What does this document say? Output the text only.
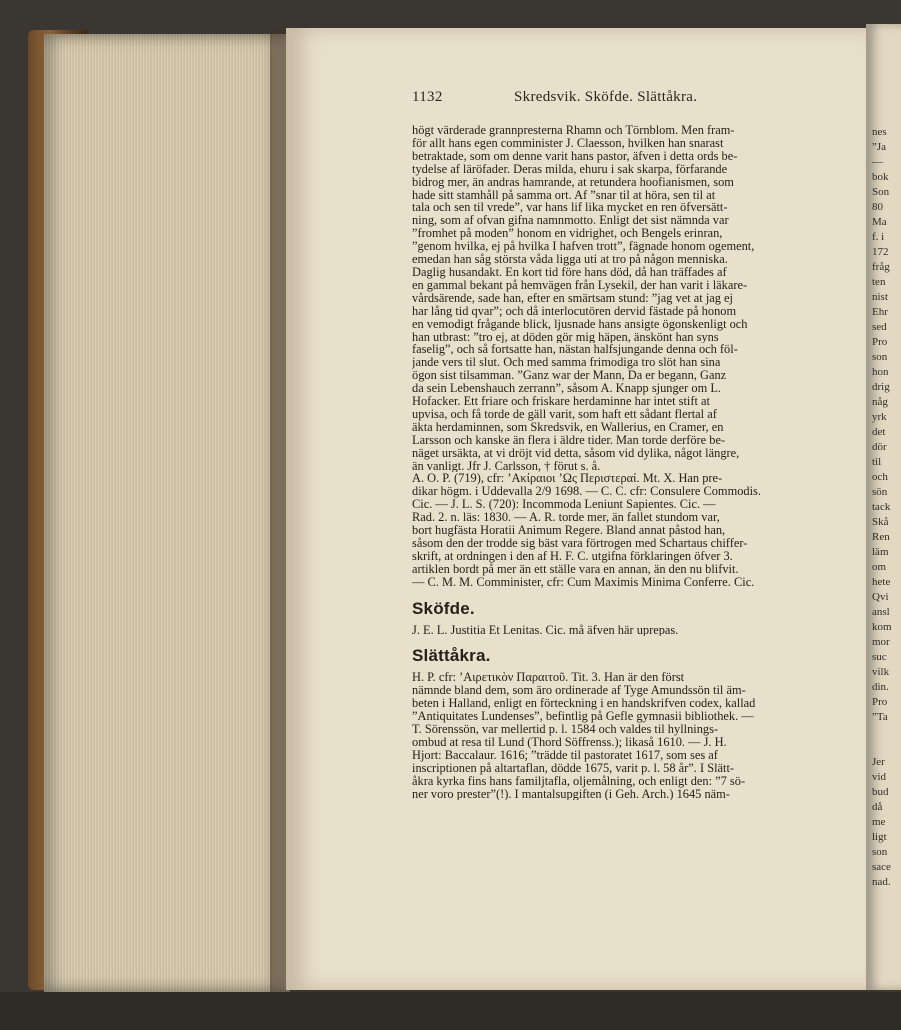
nes
”Ja
—
bok
Son
80
Ma
f. i
172
fråg
ten
nist
Ehr
sed
Pro
son
hon
drig
någ
yrk
det
dör
til
och
sön
tack
Skå
Ren
läm
om
hete
Qvi
ansl
kom
mor
suc
vilk
din.
Pro
”Ta
Jer
vid
bud
då
me
ligt
son
sace
nad.
1132	Skredsvik. Sköfde. Slättåkra.
högt värderade grannpresterna Rhamn och Törnblom. Men fram-
för allt hans egen comminister J. Claesson, hvilken han snarast
betraktade, som om denne varit hans pastor, äfven i detta ords be-
tydelse af läröfader. Deras milda, ehuru i sak skarpa, förfarande
bidrog mer, än andras hamrande, at retundera hoofianismen, som
hade sitt stamhåll på samma ort. Af ”snar til at höra, sen til at
tala och sen til vrede”, var hans lif lika mycket en ren öfversätt-
ning, som af ofvan gifna namnmotto. Enligt det sist nämnda var
”fromhet på moden” honom en vidrighet, och Bengels erinran,
”genom hvilka, ej på hvilka I hafven trott”, fägnade honom ogement,
emedan han såg största våda ligga uti at tro på någon menniska.
Daglig husandakt. En kort tid före hans död, då han träffades af
en gammal bekant på hemvägen från Lysekil, der han varit i läkare-
vårdsärende, sade han, efter en smärtsam stund: ”jag vet at jag ej
har lång tid qvar”; och då interlocutören dervid fästade på honom
en vemodigt frågande blick, ljusnade hans ansigte ögonskenligt och
han utbrast: ”tro ej, at döden gör mig häpen, änskönt han syns
faselig”, och så fortsatte han, nästan halfsjungande denna och föl-
jande vers til slut. Och med samma frimodiga tro slöt han sina
ögon sist tilsamman. ”Ganz war der Mann, Da er begann, Ganz
da sein Lebenshauch zerrann”, såsom A. Knapp sjunger om L.
Hofacker. Ett friare och friskare herdaminne har intet stift at
upvisa, och få torde de gäll varit, som haft ett sådant flertal af
äkta herdaminnen, som Skredsvik, en Wallerius, en Cramer, en
Larsson och kanske än flera i äldre tider. Man torde derföre be-
näget ursäkta, at vi dröjt vid detta, såsom vid dylika, något längre,
än vanligt. Jfr J. Carlsson, † förut s. å.
A. O. P. (719), cfr: ’Aκίραιοι ’Ως Περιστεραί. Mt. X. Han pre-
dikar högm. i Uddevalla 2/9 1698. — C. C. cfr: Consulere Commodis.
Cic. — J. L. S. (720): Incommoda Leniunt Sapientes. Cic. —
Rad. 2. n. läs: 1830. — A. R. torde mer, än fallet stundom var,
bort hugfästa Horatii Animum Regere. Bland annat påstod han,
såsom den der trodde sig bäst vara förtrogen med Schartaus chiffer-
skrift, at ordningen i den af H. F. C. utgifna förklaringen öfver 3.
artiklen bordt på mer än ett ställe vara en annan, än den nu blifvit.
— C. M. M. Comminister, cfr: Cum Maximis Minima Conferre. Cic.
Sköfde.
J. E. L. Justitia Et Lenitas. Cic. må äfven här uprepas.
Slättåkra.
H. P. cfr: ’Aιρετικὸν Παραιτοῦ. Tit. 3. Han är den först
nämnde bland dem, som äro ordinerade af Tyge Amundssön til äm-
beten i Halland, enligt en förteckning i en handskrifven codex, kallad
”Antiquitates Lundenses”, befintlig på Gefle gymnasii bibliothek. —
T. Sörenssön, var mellertid p. l. 1584 och valdes til hyllnings-
ombud at resa til Lund (Thord Söffrenss.); likaså 1610. — J. H.
Hjort: Baccalaur. 1616; ”trädde til pastoratet 1617, som ses af
inscriptionen på altartaflan, dödde 1675, varit p. l. 58 år”. I Slätt-
åkra kyrka fins hans familjtafla, oljemålning, och enligt den: ”7 sö-
ner voro prester”(!). I mantalsupgiften (i Geh. Arch.) 1645 näm-
